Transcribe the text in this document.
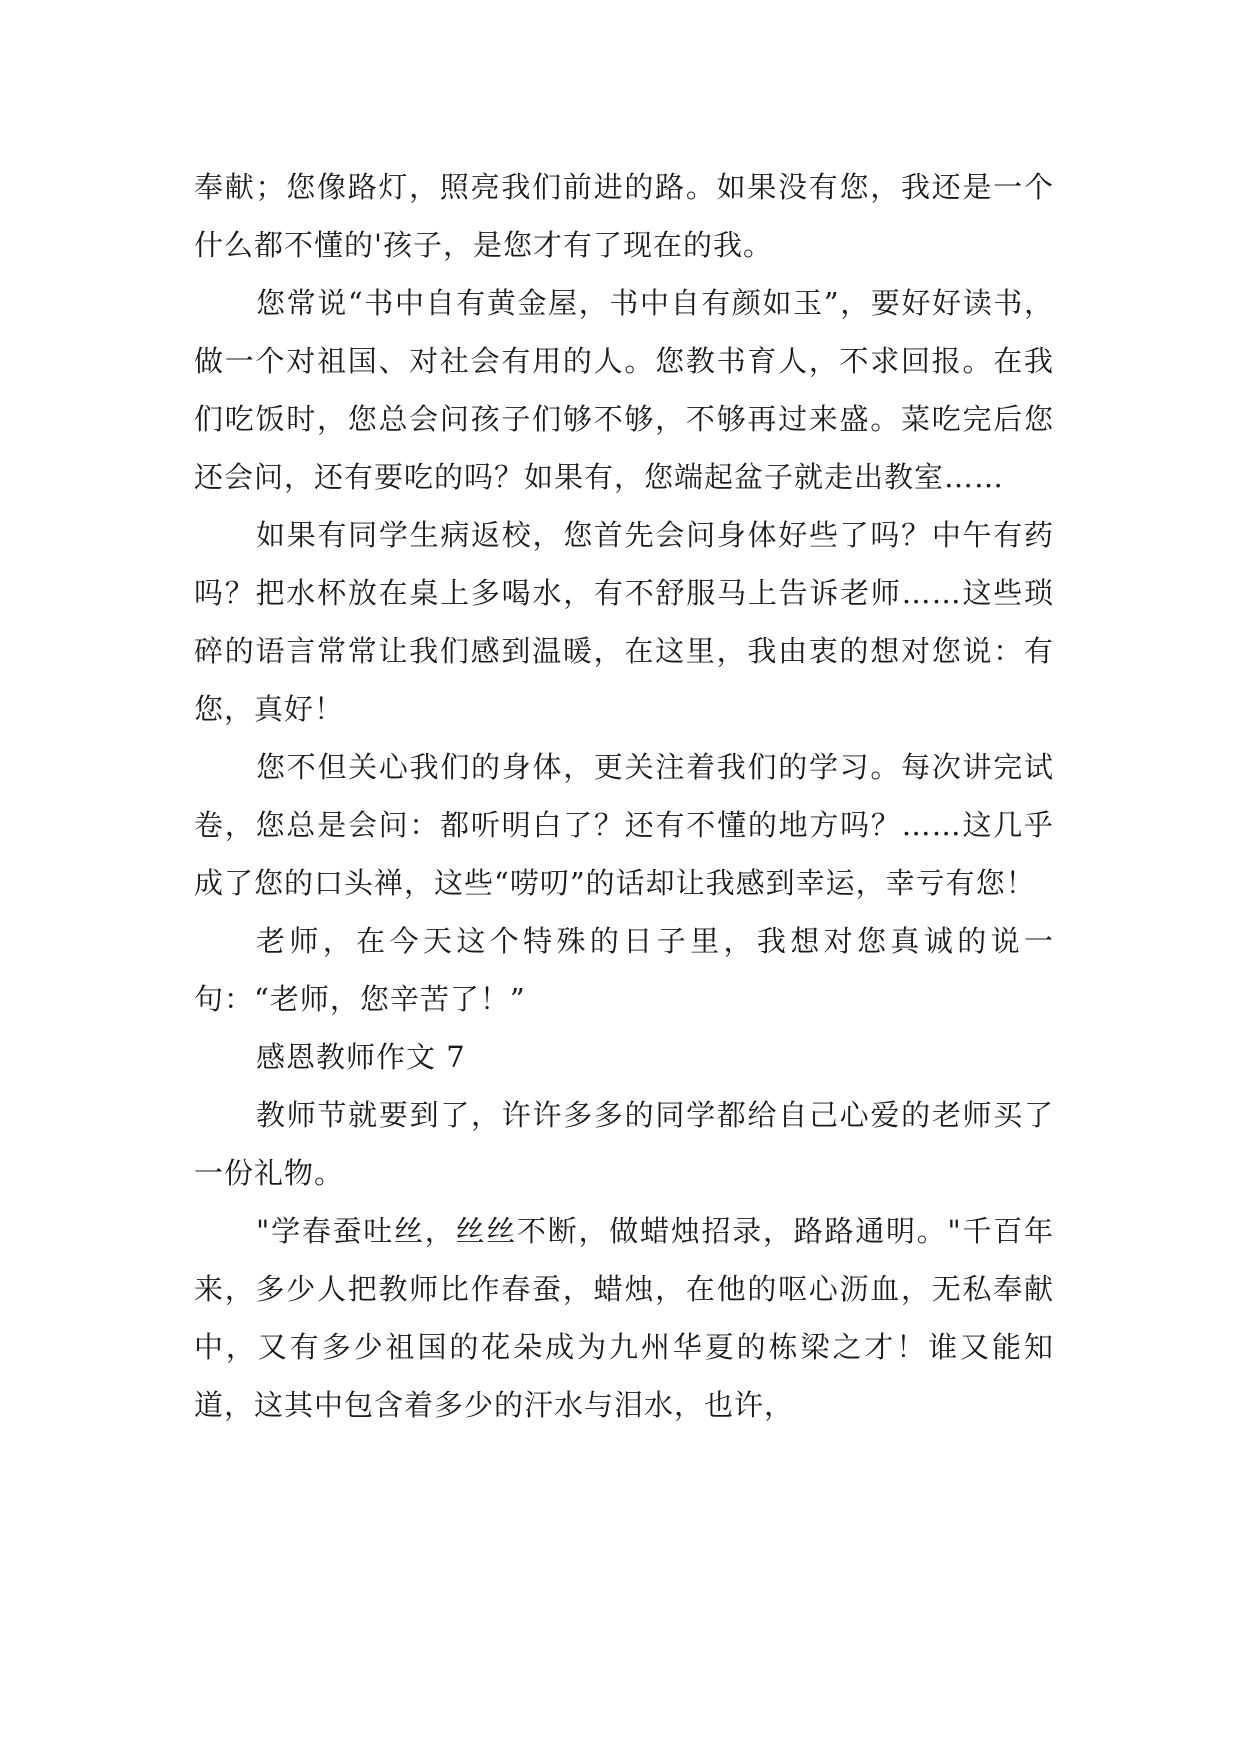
奉献；您像路灯，照亮我们前进的路。如果没有您，我还是一个什么都不懂的'孩子，是您才有了现在的我。

您常说“书中自有黄金屋，书中自有颜如玉”，要好好读书，做一个对祖国、对社会有用的人。您教书育人，不求回报。在我们吃饭时，您总会问孩子们够不够，不够再过来盛。菜吃完后您还会问，还有要吃的吗？如果有，您端起盆子就走出教室……

如果有同学生病返校，您首先会问身体好些了吗？中午有药吗？把水杯放在桌上多喝水，有不舒服马上告诉老师……这些琐碎的语言常常让我们感到温暖，在这里，我由衷的想对您说：有您，真好！

您不但关心我们的身体，更关注着我们的学习。每次讲完试卷，您总是会问：都听明白了？还有不懂的地方吗？……这几乎成了您的口头禅，这些“唠叨”的话却让我感到幸运，幸亏有您！

老师，在今天这个特殊的日子里，我想对您真诚的说一句：“老师，您辛苦了！”

感恩教师作文 7

教师节就要到了，许许多多的同学都给自己心爱的老师买了一份礼物。

"学春蚕吐丝，丝丝不断，做蜡烛招录，路路通明。"千百年来，多少人把教师比作春蚕，蜡烛，在他的呕心沥血，无私奉献中，又有多少祖国的花朵成为九州华夏的栋梁之才！谁又能知道，这其中包含着多少的汗水与泪水，也许，
